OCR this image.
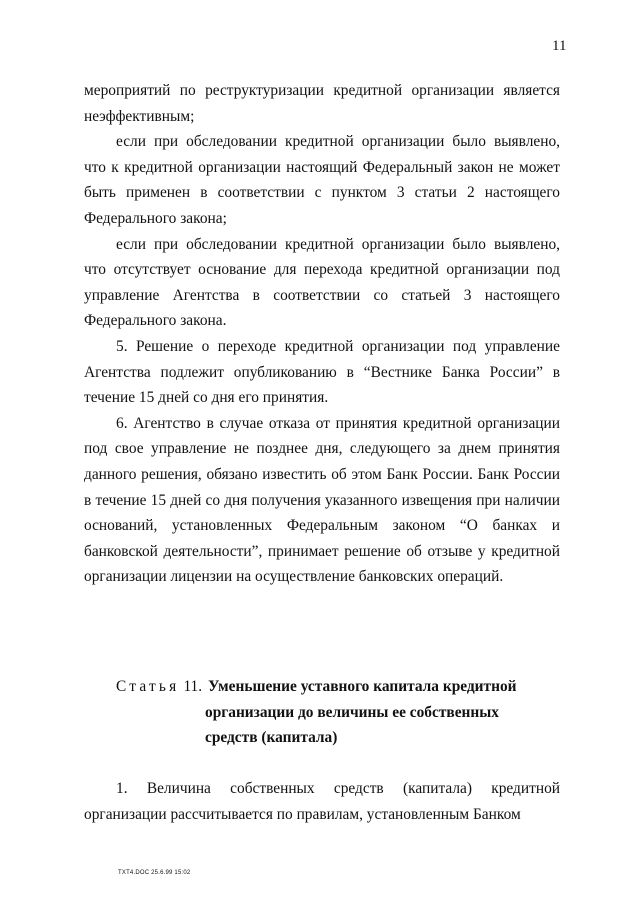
11

мероприятий по реструктуризации кредитной организации является неэффективным;

если при обследовании кредитной организации было выявлено, что к кредитной организации настоящий Федеральный закон не может быть применен в соответствии с пунктом 3 статьи 2 настоящего Федерального закона;

если при обследовании кредитной организации было выявлено, что отсутствует основание для перехода кредитной организации под управление Агентства в соответствии со статьей 3 настоящего Федерального закона.

5. Решение о переходе кредитной организации под управление Агентства подлежит опубликованию в “Вестнике Банка России” в течение 15 дней со дня его принятия.

6. Агентство в случае отказа от принятия кредитной организации под свое управление не позднее дня, следующего за днем принятия данного решения, обязано известить об этом Банк России. Банк России в течение 15 дней со дня получения указанного извещения при наличии оснований, установленных Федеральным законом “О банках и банковской деятельности”, принимает решение об отзыве у кредитной организации лицензии на осуществление банковских операций.

Статья 11. Уменьшение уставного капитала кредитной
организации до величины ее собственных
средств (капитала)

1. Величина собственных средств (капитала) кредитной организации рассчитывается по правилам, установленным Банком

TXT4.DOC 25.6.99 15:02
